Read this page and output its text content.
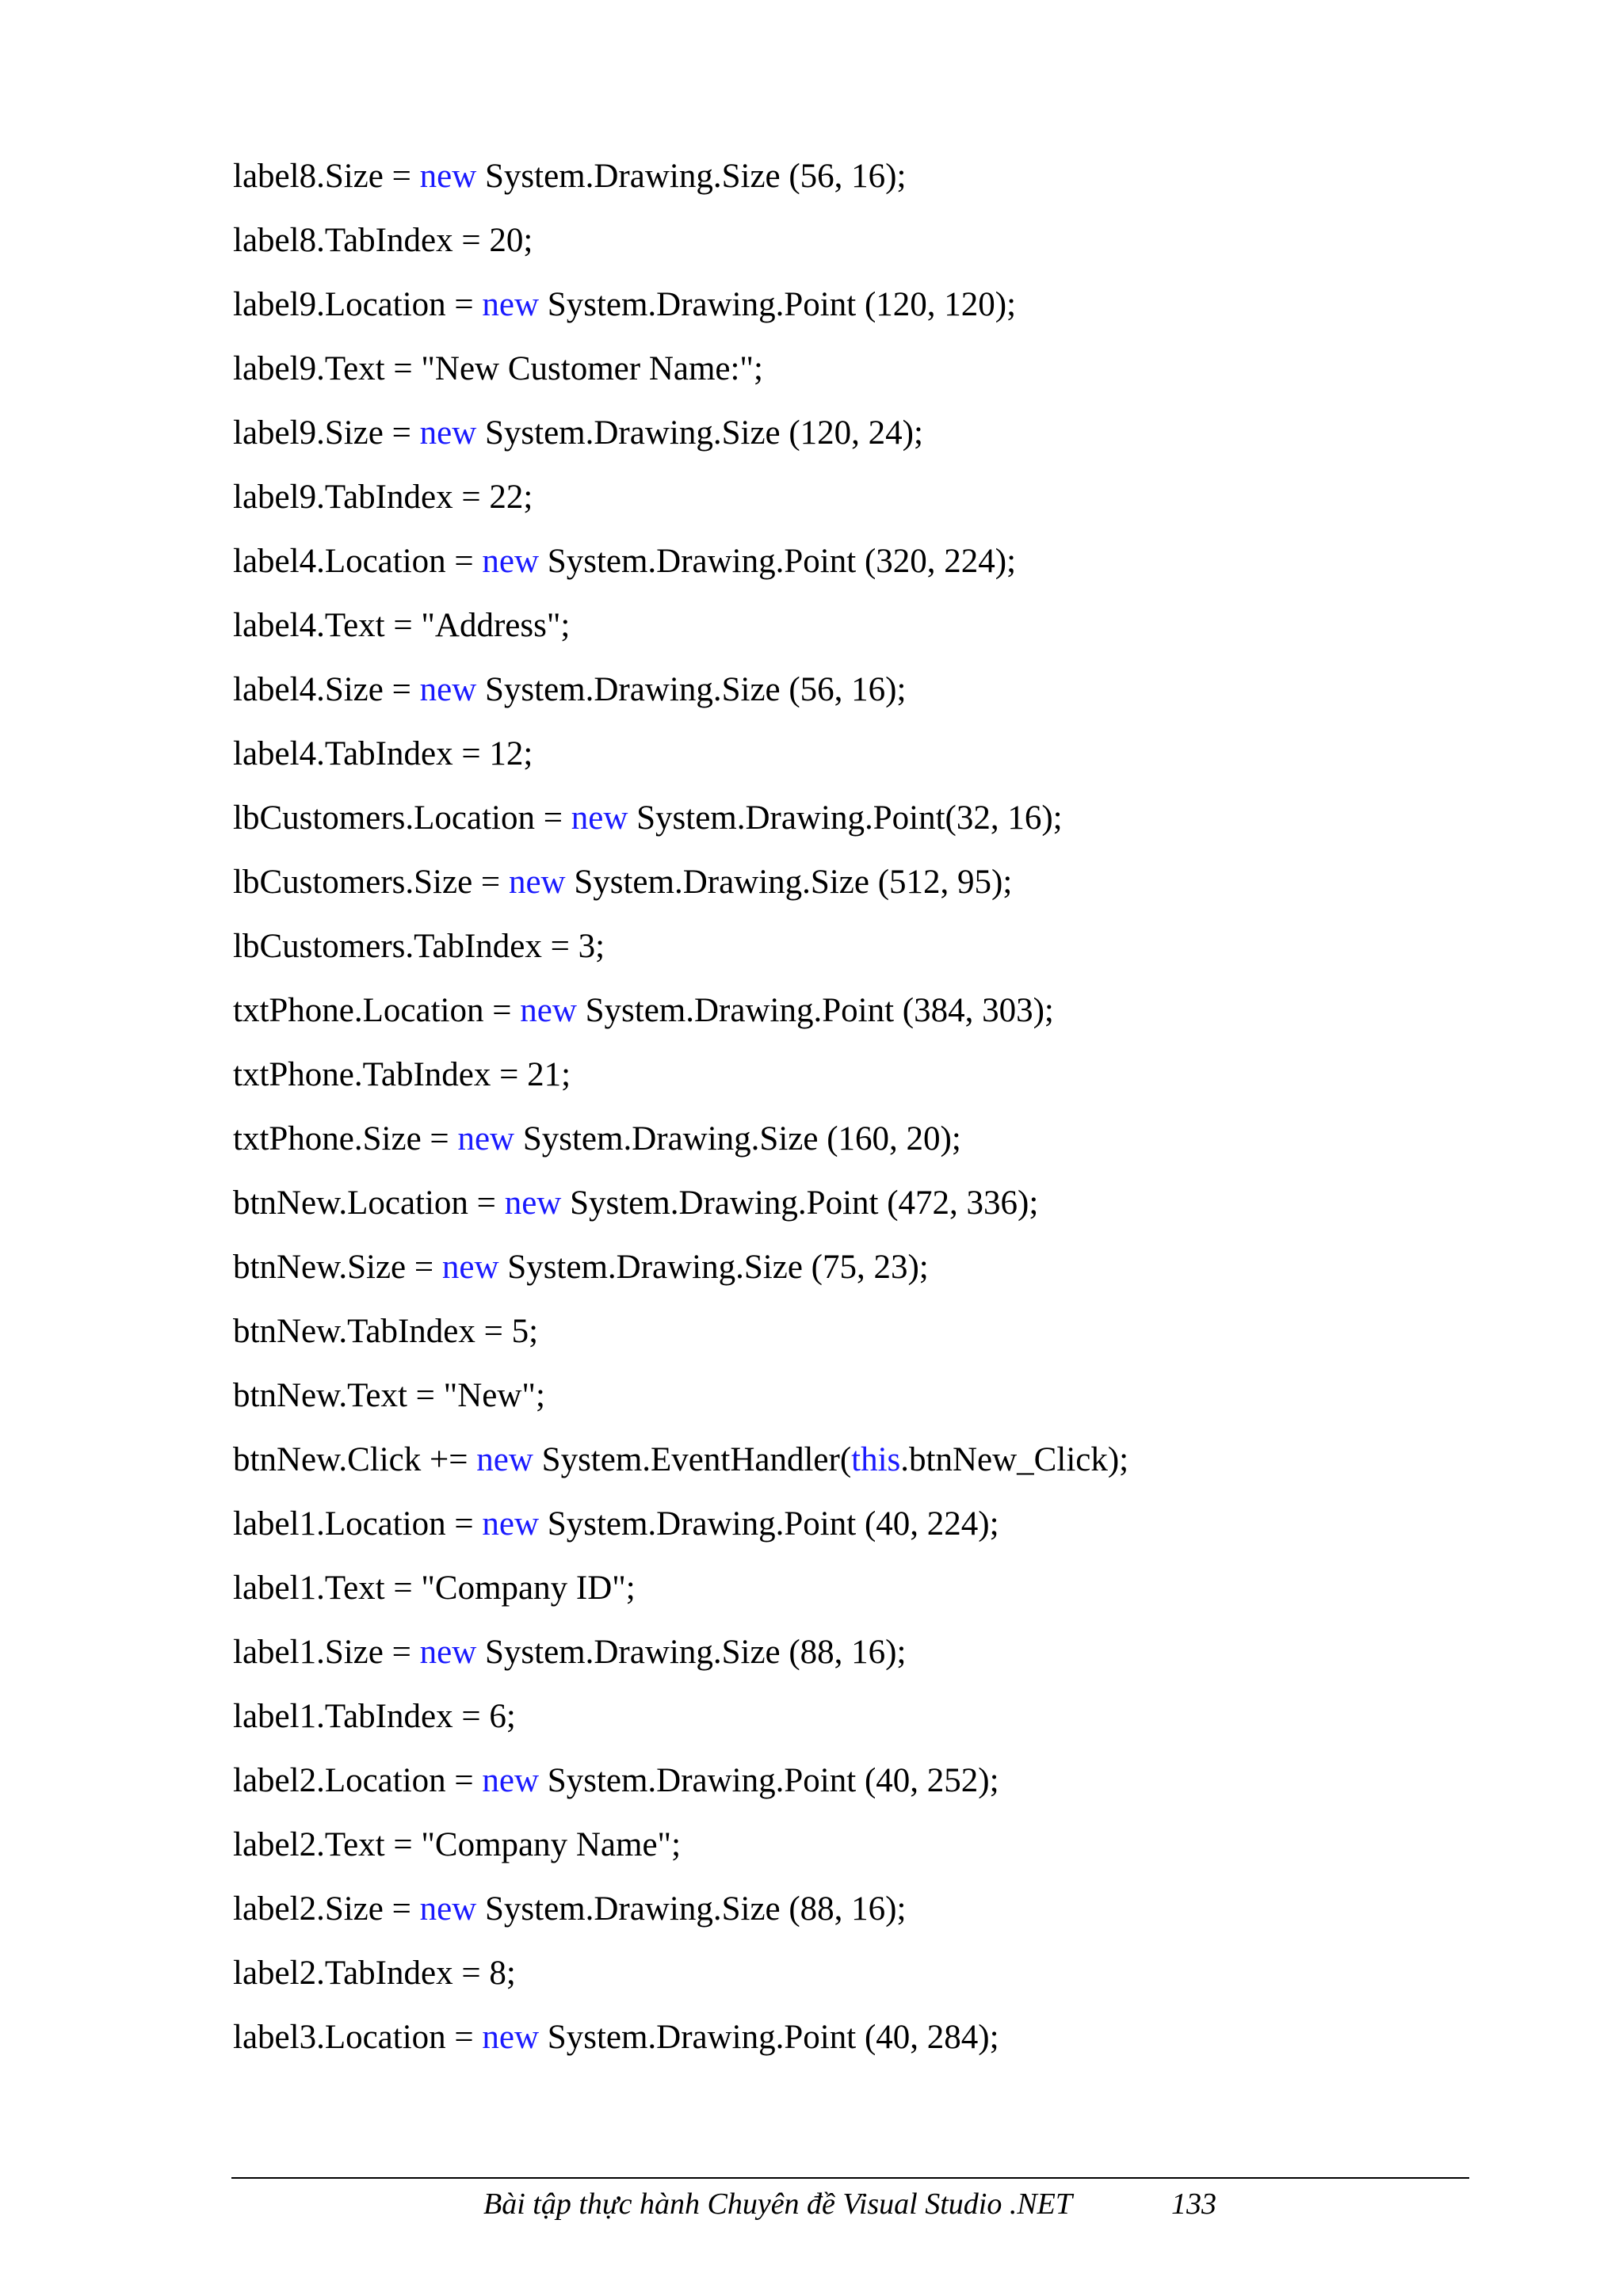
label8.Size = new System.Drawing.Size (56, 16);
label8.TabIndex = 20;
label9.Location = new System.Drawing.Point (120, 120);
label9.Text = "New Customer Name:";
label9.Size = new System.Drawing.Size (120, 24);
label9.TabIndex = 22;
label4.Location = new System.Drawing.Point (320, 224);
label4.Text = "Address";
label4.Size = new System.Drawing.Size (56, 16);
label4.TabIndex = 12;
lbCustomers.Location = new System.Drawing.Point(32, 16);
lbCustomers.Size = new System.Drawing.Size (512, 95);
lbCustomers.TabIndex = 3;
txtPhone.Location = new System.Drawing.Point (384, 303);
txtPhone.TabIndex = 21;
txtPhone.Size = new System.Drawing.Size (160, 20);
btnNew.Location = new System.Drawing.Point (472, 336);
btnNew.Size = new System.Drawing.Size (75, 23);
btnNew.TabIndex = 5;
btnNew.Text = "New";
btnNew.Click += new System.EventHandler(this.btnNew_Click);
label1.Location = new System.Drawing.Point (40, 224);
label1.Text = "Company ID";
label1.Size = new System.Drawing.Size (88, 16);
label1.TabIndex = 6;
label2.Location = new System.Drawing.Point (40, 252);
label2.Text = "Company Name";
label2.Size = new System.Drawing.Size (88, 16);
label2.TabIndex = 8;
label3.Location = new System.Drawing.Point (40, 284);
Bài tập thực hành Chuyên đề Visual Studio .NET	133
